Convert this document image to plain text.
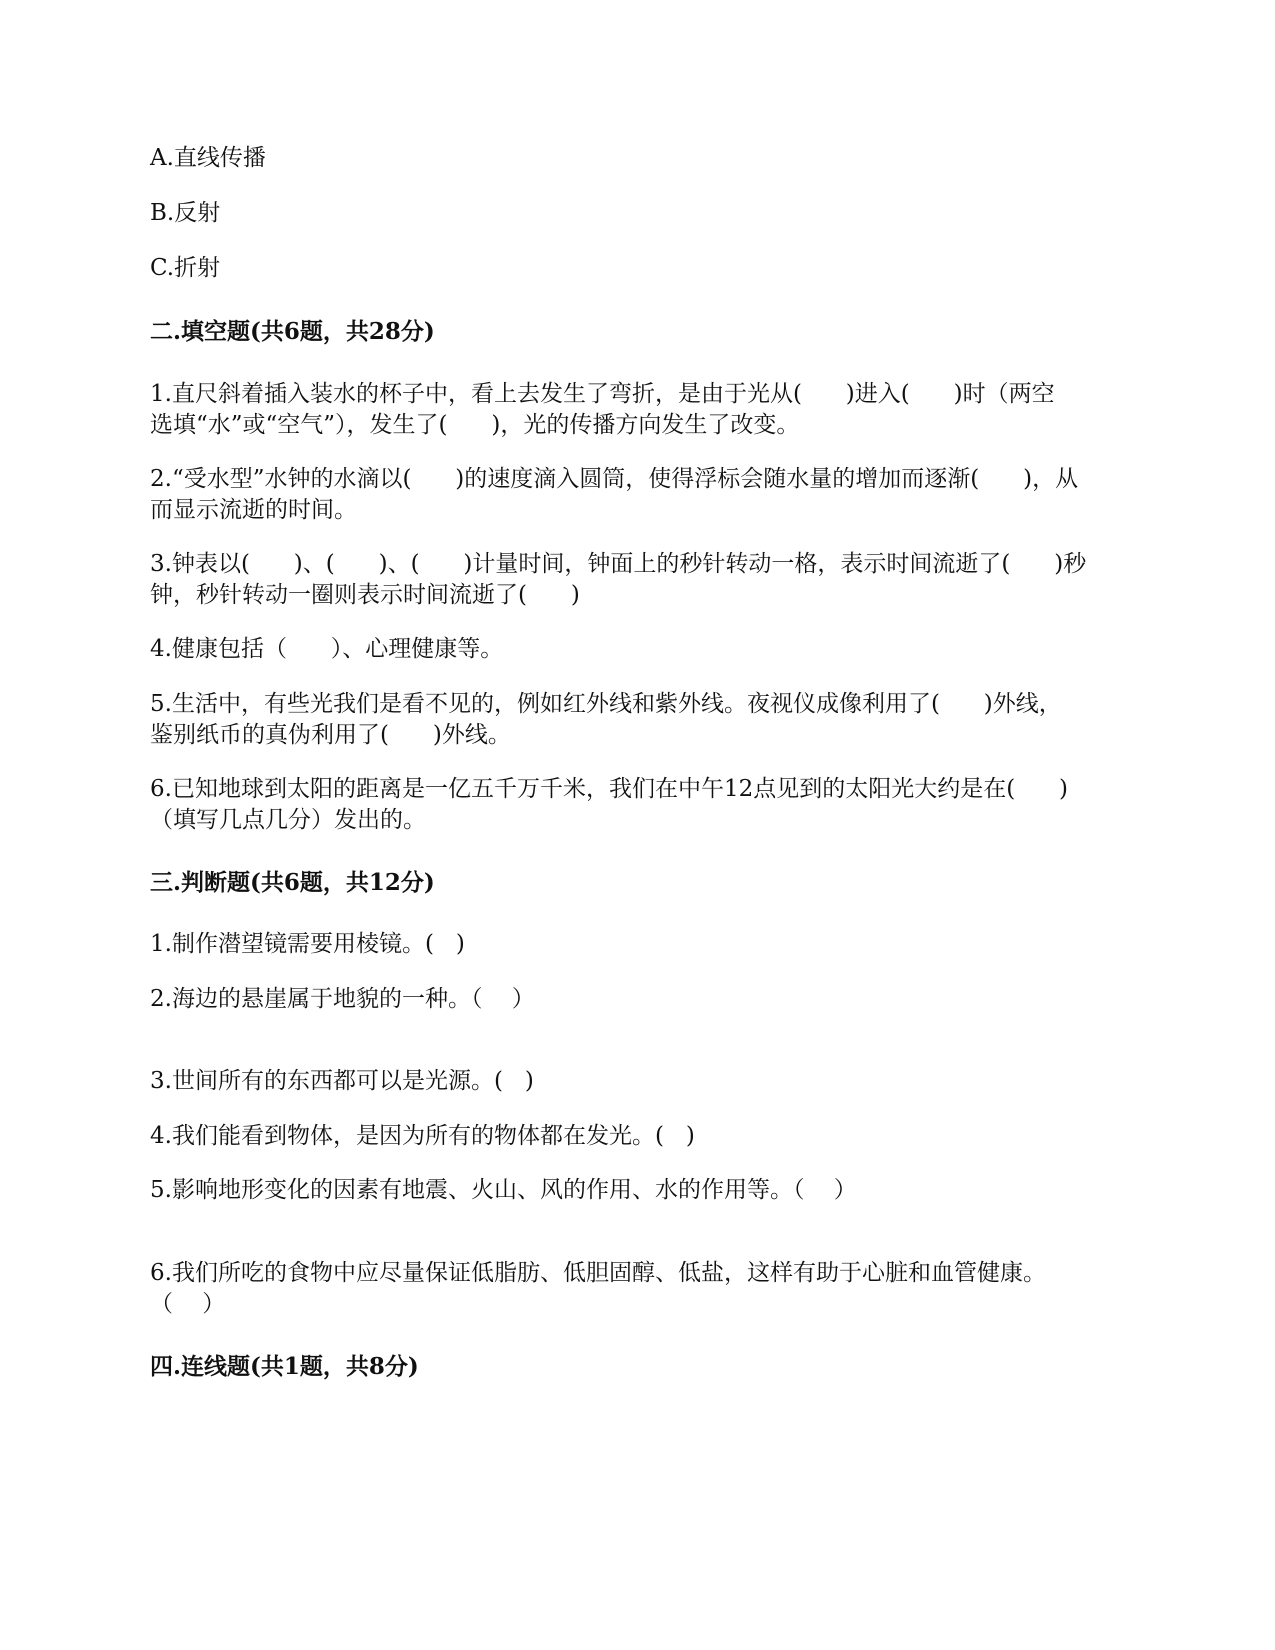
A.直线传播
B.反射
C.折射
二.填空题(共6题，共28分)
1.直尺斜着插入装水的杯子中，看上去发生了弯折，是由于光从(      )进入(      )时（两空
选填“水”或“空气”），发生了(      )，光的传播方向发生了改变。
2.“受水型”水钟的水滴以(      )的速度滴入圆筒，使得浮标会随水量的增加而逐渐(      )，从
而显示流逝的时间。
3.钟表以(      )、(      )、(      )计量时间，钟面上的秒针转动一格，表示时间流逝了(      )秒
钟，秒针转动一圈则表示时间流逝了(      )
4.健康包括（      ）、心理健康等。
5.生活中，有些光我们是看不见的，例如红外线和紫外线。夜视仪成像利用了(      )外线，
鉴别纸币的真伪利用了(      )外线。
6.已知地球到太阳的距离是一亿五千万千米，我们在中午12点见到的太阳光大约是在(      )
（填写几点几分）发出的。
三.判断题(共6题，共12分)
1.制作潜望镜需要用棱镜。(   )
2.海边的悬崖属于地貌的一种。（    ）
3.世间所有的东西都可以是光源。(   )
4.我们能看到物体，是因为所有的物体都在发光。(   )
5.影响地形变化的因素有地震、火山、风的作用、水的作用等。（    ）
6.我们所吃的食物中应尽量保证低脂肪、低胆固醇、低盐，这样有助于心脏和血管健康。
（    ）
四.连线题(共1题，共8分)
